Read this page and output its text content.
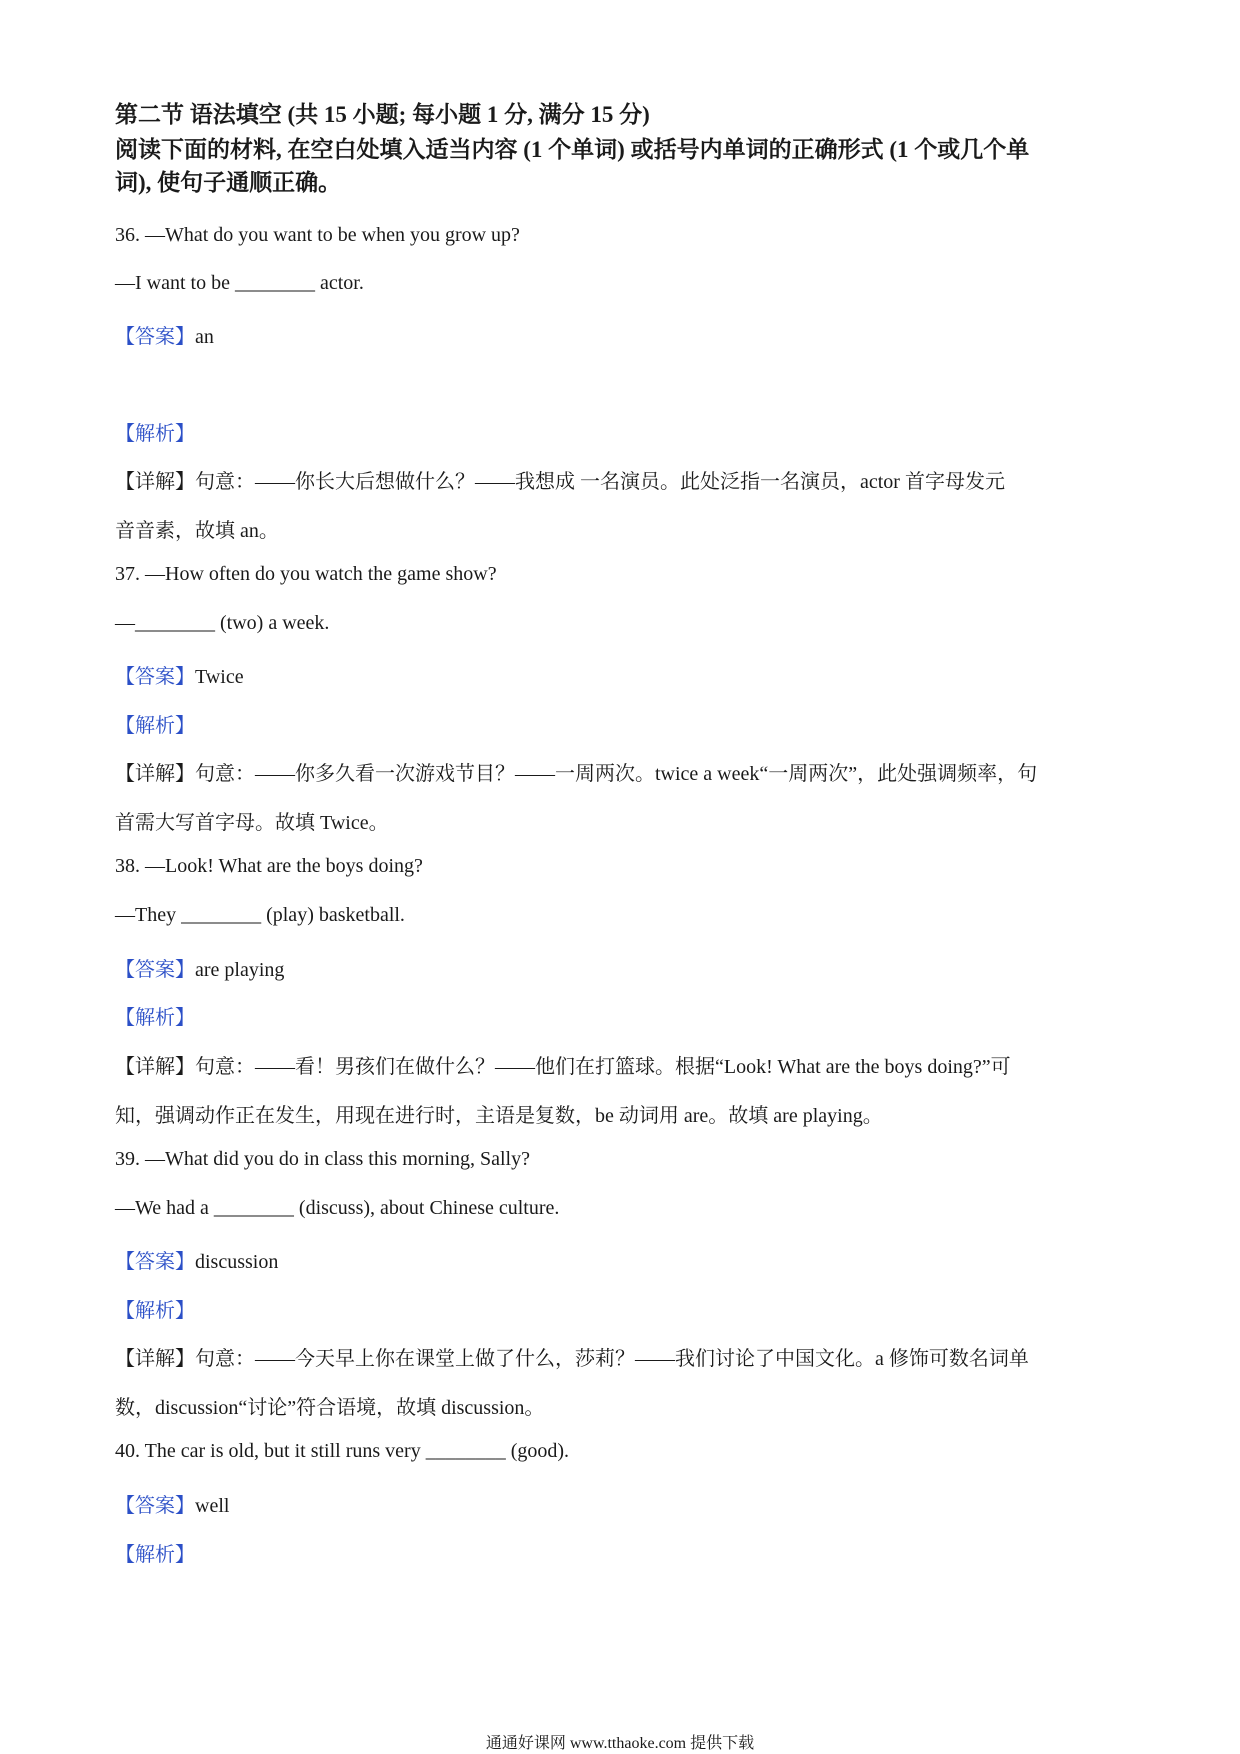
第二节 语法填空 (共 15 小题; 每小题 1 分, 满分 15 分)
阅读下面的材料, 在空白处填入适当内容 (1 个单词) 或括号内单词的正确形式 (1 个或几个单
词), 使句子通顺正确。
36. —What do you want to be when you grow up?
—I want to be ________ actor.
【答案】an
【解析】
【详解】句意：——你长大后想做什么？——我想成 一名演员。此处泛指一名演员，actor 首字母发元
音音素，故填 an。
37. —How often do you watch the game show?
—________ (two) a week.
【答案】Twice
【解析】
【详解】句意：——你多久看一次游戏节目？——一周两次。twice a week“一周两次”，此处强调频率，句
首需大写首字母。故填 Twice。
38. —Look! What are the boys doing?
—They ________ (play) basketball.
【答案】are playing
【解析】
【详解】句意：——看！男孩们在做什么？——他们在打篮球。根据“Look! What are the boys doing?”可
知，强调动作正在发生，用现在进行时，主语是复数，be 动词用 are。故填 are playing。
39. —What did you do in class this morning, Sally?
—We had a ________ (discuss), about Chinese culture.
【答案】discussion
【解析】
【详解】句意：——今天早上你在课堂上做了什么，莎莉？——我们讨论了中国文化。a 修饰可数名词单
数，discussion“讨论”符合语境，故填 discussion。
40. The car is old, but it still runs very ________ (good).
【答案】well
【解析】
通通好课网 www.tthaoke.com 提供下载
